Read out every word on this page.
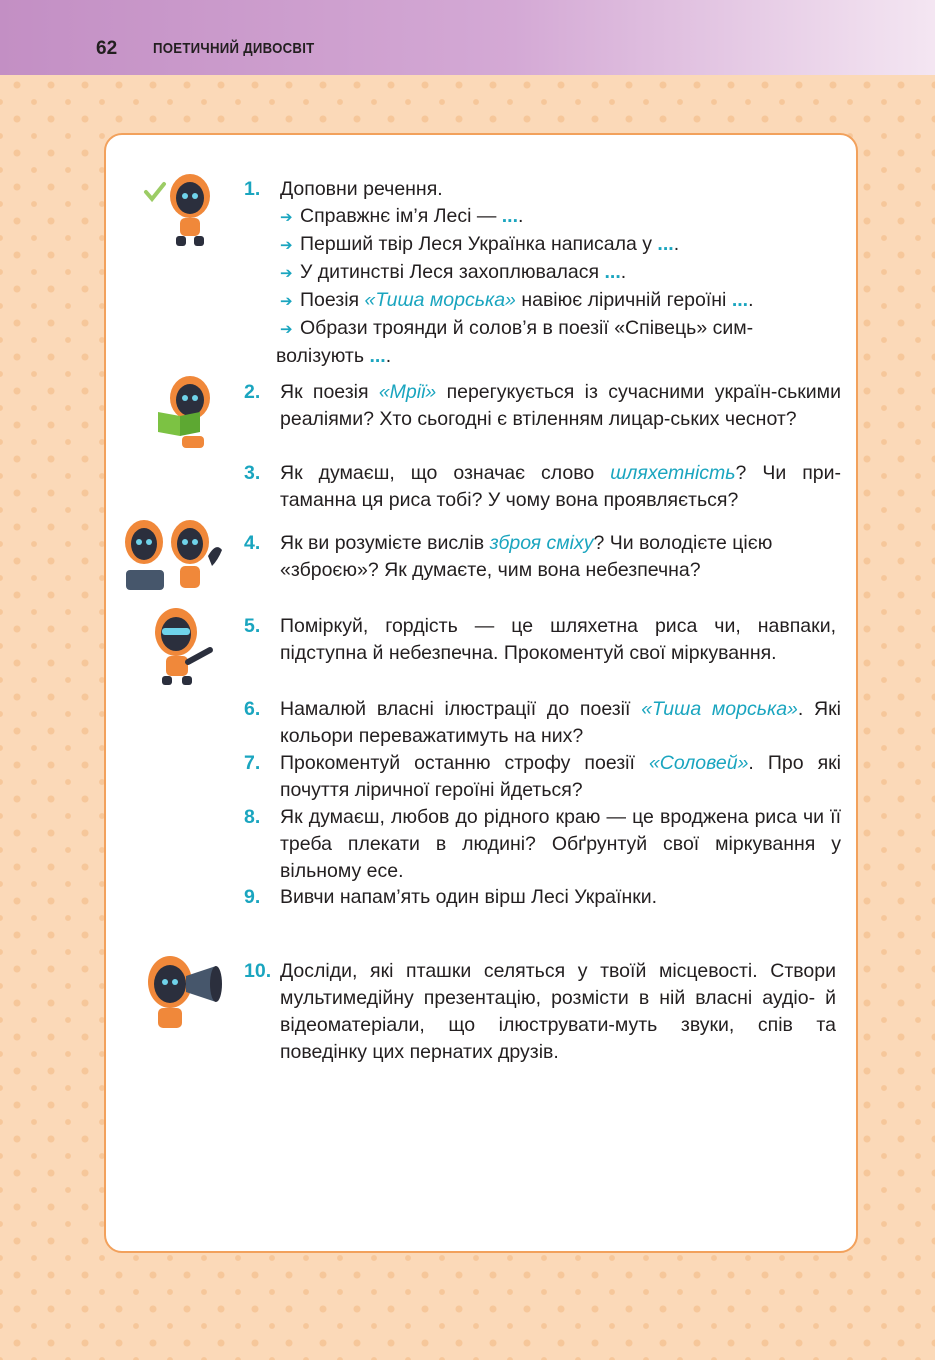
62 ПОЕТИЧНИЙ ДИВОСВІТ
1. Доповни речення.
➔ Справжнє ім’я Лесі — ....
➔ Перший твір Леся Українка написала у ....
➔ У дитинстві Леся захоплювалася ....
➔ Поезія «Тиша морська» навіює ліричній героїні ....
➔ Образи троянди й солов’я в поезії «Співець» сим-
волізують ....
2. Як поезія «Мрії» перегукується із сучасними україн-ськими реаліями? Хто сьогодні є втіленням лицар-ських чеснот?
3. Як думаєш, що означає слово шляхетність? Чи при-таманна ця риса тобі? У чому вона проявляється?
4. Як ви розумієте вислів зброя сміху? Чи володієте цією «зброєю»? Як думаєте, чим вона небезпечна?
5. Поміркуй, гордість — це шляхетна риса чи, навпаки, підступна й небезпечна. Прокоментуй свої міркування.
6. Намалюй власні ілюстрації до поезії «Тиша морська». Які кольори переважатимуть на них?
7. Прокоментуй останню строфу поезії «Соловей». Про які почуття ліричної героїні йдеться?
8. Як думаєш, любов до рідного краю — це вроджена риса чи її треба плекати в людині? Обґрунтуй свої міркування у вільному есе.
9. Вивчи напам’ять один вірш Лесі Українки.
10. Досліди, які пташки селяться у твоїй місцевості. Створи мультимедійну презентацію, розмісти в ній власні аудіо- й відеоматеріали, що ілюструвати-муть звуки, спів та поведінку цих пернатих друзів.
